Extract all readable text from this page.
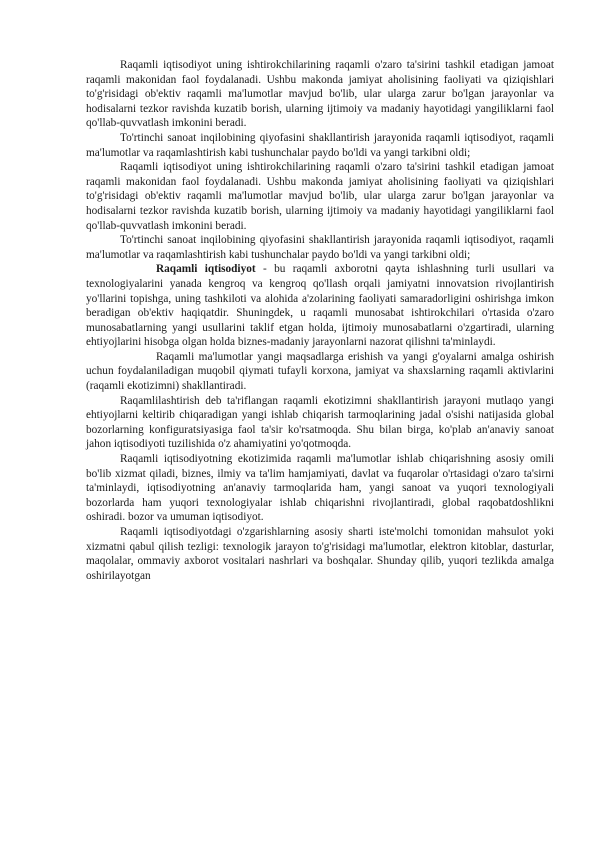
Raqamli iqtisodiyot uning ishtirokchilarining raqamli o'zaro ta'sirini tashkil etadigan jamoat raqamli makonidan faol foydalanadi. Ushbu makonda jamiyat aholisining faoliyati va qiziqishlari to'g'risidagi ob'ektiv raqamli ma'lumotlar mavjud bo'lib, ular ularga zarur bo'lgan jarayonlar va hodisalarni tezkor ravishda kuzatib borish, ularning ijtimoiy va madaniy hayotidagi yangiliklarni faol qo'llab-quvvatlash imkonini beradi.

To'rtinchi sanoat inqilobining qiyofasini shakllantirish jarayonida raqamli iqtisodiyot, raqamli ma'lumotlar va raqamlashtirish kabi tushunchalar paydo bo'ldi va yangi tarkibni oldi;

Raqamli iqtisodiyot uning ishtirokchilarining raqamli o'zaro ta'sirini tashkil etadigan jamoat raqamli makonidan faol foydalanadi. Ushbu makonda jamiyat aholisining faoliyati va qiziqishlari to'g'risidagi ob'ektiv raqamli ma'lumotlar mavjud bo'lib, ular ularga zarur bo'lgan jarayonlar va hodisalarni tezkor ravishda kuzatib borish, ularning ijtimoiy va madaniy hayotidagi yangiliklarni faol qo'llab-quvvatlash imkonini beradi.

To'rtinchi sanoat inqilobining qiyofasini shakllantirish jarayonida raqamli iqtisodiyot, raqamli ma'lumotlar va raqamlashtirish kabi tushunchalar paydo bo'ldi va yangi tarkibni oldi;

Raqamli iqtisodiyot - bu raqamli axborotni qayta ishlashning turli usullari va texnologiyalarini yanada kengroq va kengroq qo'llash orqali jamiyatni innovatsion rivojlantirish yo'llarini topishga, uning tashkiloti va alohida a'zolarining faoliyati samaradorligini oshirishga imkon beradigan ob'ektiv haqiqatdir. Shuningdek, u raqamli munosabat ishtirokchilari o'rtasida o'zaro munosabatlarning yangi usullarini taklif etgan holda, ijtimoiy munosabatlarni o'zgartiradi, ularning ehtiyojlarini hisobga olgan holda biznes-madaniy jarayonlarni nazorat qilishni ta'minlaydi.

Raqamli ma'lumotlar yangi maqsadlarga erishish va yangi g'oyalarni amalga oshirish uchun foydalaniladigan muqobil qiymati tufayli korxona, jamiyat va shaxslarning raqamli aktivlarini (raqamli ekotizimni) shakllantiradi.

Raqamlilashtirish deb ta'riflangan raqamli ekotizimni shakllantirish jarayoni mutlaqo yangi ehtiyojlarni keltirib chiqaradigan yangi ishlab chiqarish tarmoqlarining jadal o'sishi natijasida global bozorlarning konfiguratsiyasiga faol ta'sir ko'rsatmoqda. Shu bilan birga, ko'plab an'anaviy sanoat jahon iqtisodiyoti tuzilishida o'z ahamiyatini yo'qotmoqda.

Raqamli iqtisodiyotning ekotizimida raqamli ma'lumotlar ishlab chiqarishning asosiy omili bo'lib xizmat qiladi, biznes, ilmiy va ta'lim hamjamiyati, davlat va fuqarolar o'rtasidagi o'zaro ta'sirni ta'minlaydi, iqtisodiyotning an'anaviy tarmoqlarida ham, yangi sanoat va yuqori texnologiyali bozorlarda ham yuqori texnologiyalar ishlab chiqarishni rivojlantiradi, global raqobatdoshlikni oshiradi. bozor va umuman iqtisodiyot.

Raqamli iqtisodiyotdagi o'zgarishlarning asosiy sharti iste'molchi tomonidan mahsulot yoki xizmatni qabul qilish tezligi: texnologik jarayon to'g'risidagi ma'lumotlar, elektron kitoblar, dasturlar, maqolalar, ommaviy axborot vositalari nashrlari va boshqalar. Shunday qilib, yuqori tezlikda amalga oshirilayotgan
